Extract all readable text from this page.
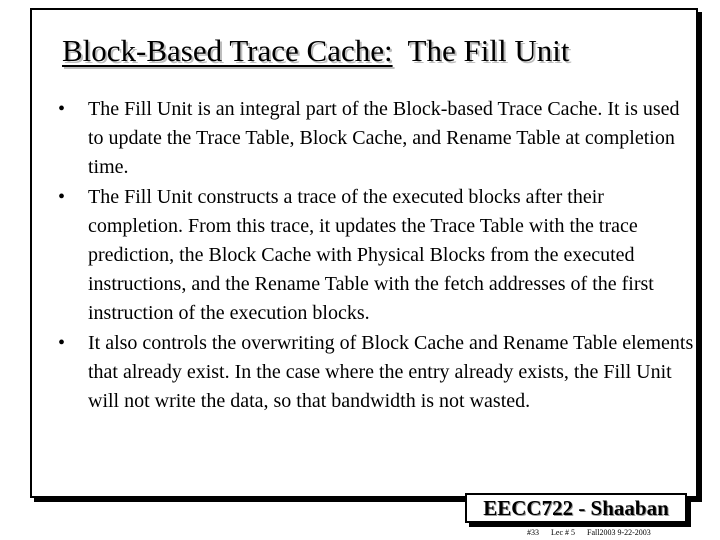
Block-Based Trace Cache: The Fill Unit
• The Fill Unit is an integral part of the Block-based Trace Cache. It is used to update the Trace Table, Block Cache, and Rename Table at completion time.
• The Fill Unit constructs a trace of the executed blocks after their completion. From this trace, it updates the Trace Table with the trace prediction, the Block Cache with Physical Blocks from the executed instructions, and the Rename Table with the fetch addresses of the first instruction of the execution blocks.
• It also controls the overwriting of Block Cache and Rename Table elements that already exist. In the case where the entry already exists, the Fill Unit will not write the data, so that bandwidth is not wasted.
EECC722 - Shaaban
#33 Lec # 5 Fall2003 9-22-2003
